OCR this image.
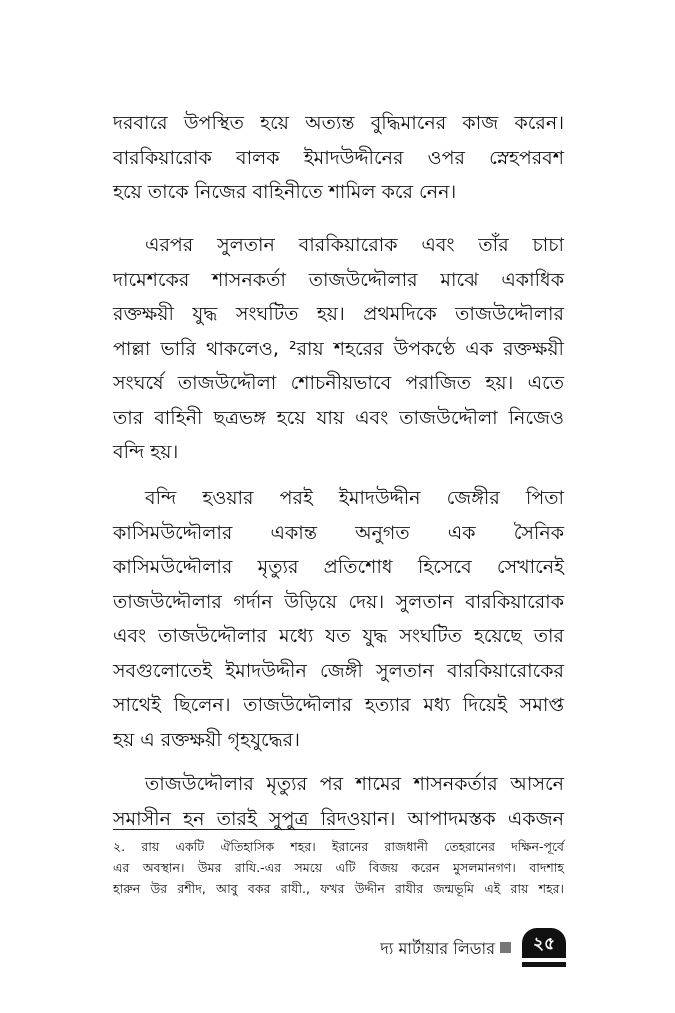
দরবারে উপস্থিত হয়ে অত্যন্ত বুদ্ধিমানের কাজ করেন।
বারকিয়ারোক বালক ইমাদউদ্দীনের ওপর স্নেহপরবশ
হয়ে তাকে নিজের বাহিনীতে শামিল করে নেন।
এরপর সুলতান বারকিয়ারোক এবং তাঁর চাচা
দামেশকের শাসনকর্তা তাজউদ্দৌলার মাঝে একাধিক
রক্তক্ষয়ী যুদ্ধ সংঘটিত হয়। প্রথমদিকে তাজউদ্দৌলার
পাল্লা ভারি থাকলেও, ²রায় শহরের উপকণ্ঠে এক রক্তক্ষয়ী
সংঘর্ষে তাজউদ্দৌলা শোচনীয়ভাবে পরাজিত হয়। এতে
তার বাহিনী ছত্রভঙ্গ হয়ে যায় এবং তাজউদ্দৌলা নিজেও
বন্দি হয়।
বন্দি হওয়ার পরই ইমাদউদ্দীন জেঙ্গীর পিতা
কাসিমউদ্দৌলার একান্ত অনুগত এক সৈনিক
কাসিমউদ্দৌলার মৃত্যুর প্রতিশোধ হিসেবে সেখানেই
তাজউদ্দৌলার গর্দান উড়িয়ে দেয়। সুলতান বারকিয়ারোক
এবং তাজউদ্দৌলার মধ্যে যত যুদ্ধ সংঘটিত হয়েছে তার
সবগুলোতেই ইমাদউদ্দীন জেঙ্গী সুলতান বারকিয়ারোকের
সাথেই ছিলেন। তাজউদ্দৌলার হত্যার মধ্য দিয়েই সমাপ্ত
হয় এ রক্তক্ষয়ী গৃহযুদ্ধের।
তাজউদ্দৌলার মৃত্যুর পর শামের শাসনকর্তার আসনে
সমাসীন হন তারই সুপুত্র রিদওয়ান। আপাদমস্তক একজন
২. রায় একটি ঐতিহাসিক শহর। ইরানের রাজধানী তেহরানের দক্ষিন-পূর্বে
এর অবস্থান। উমর রাযি.-এর সময়ে এটি বিজয় করেন মুসলমানগণ। বাদশাহ
হারুন উর রশীদ, আবু বকর রাযী., ফখর উদ্দীন রাযীর জন্মভূমি এই রায় শহর।
দ্য মার্টায়ার লিডার	২৫
